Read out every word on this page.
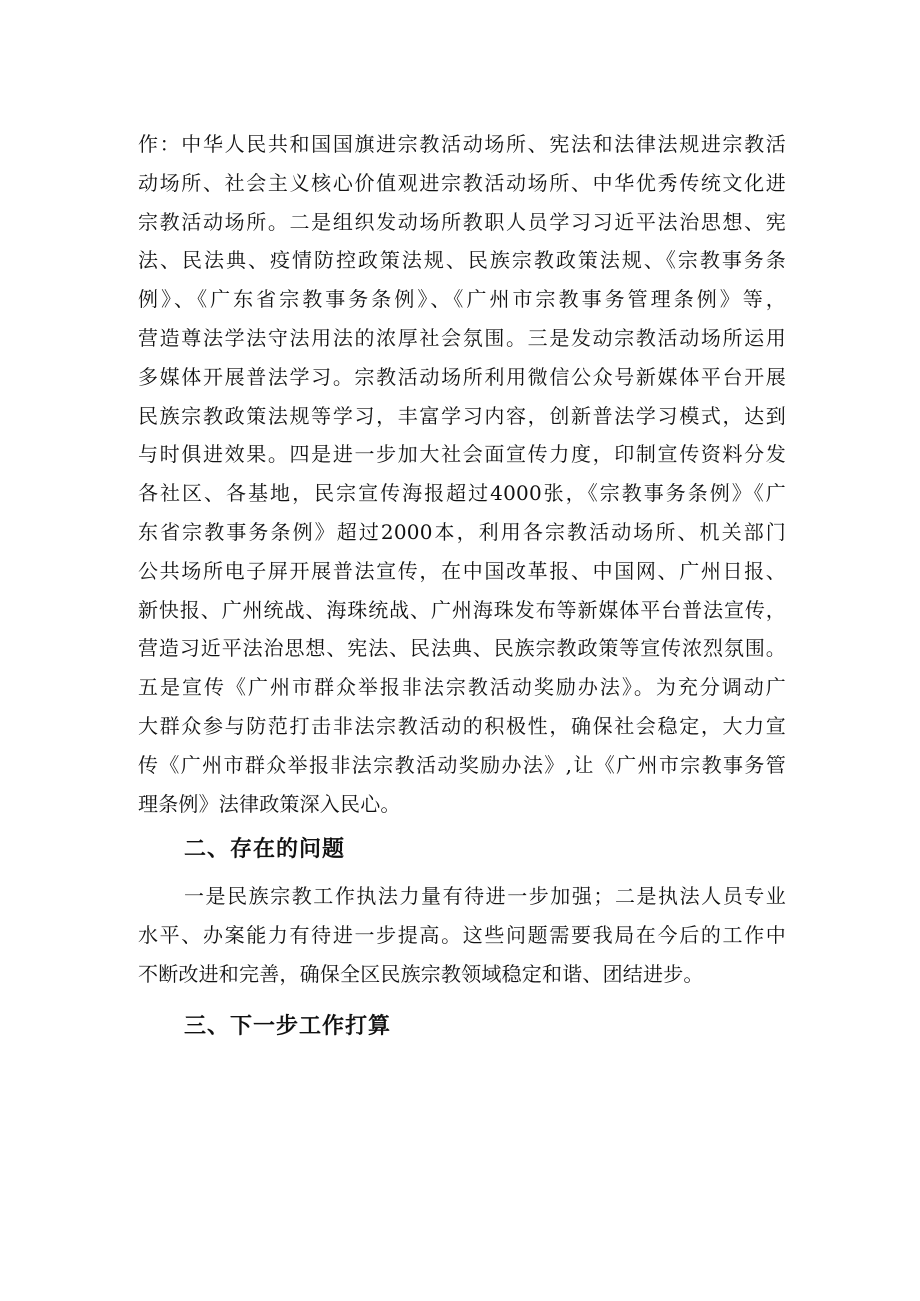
作：中华人民共和国国旗进宗教活动场所、宪法和法律法规进宗教活
动场所、社会主义核心价值观进宗教活动场所、中华优秀传统文化进
宗教活动场所。二是组织发动场所教职人员学习习近平法治思想、宪
法、民法典、疫情防控政策法规、民族宗教政策法规、《宗教事务条
例》、《广东省宗教事务条例》、《广州市宗教事务管理条例》等，
营造尊法学法守法用法的浓厚社会氛围。三是发动宗教活动场所运用
多媒体开展普法学习。宗教活动场所利用微信公众号新媒体平台开展
民族宗教政策法规等学习，丰富学习内容，创新普法学习模式，达到
与时俱进效果。四是进一步加大社会面宣传力度，印制宣传资料分发
各社区、各基地，民宗宣传海报超过4000张，《宗教事务条例》《广
东省宗教事务条例》超过2000本，利用各宗教活动场所、机关部门
公共场所电子屏开展普法宣传，在中国改革报、中国网、广州日报、
新快报、广州统战、海珠统战、广州海珠发布等新媒体平台普法宣传，
营造习近平法治思想、宪法、民法典、民族宗教政策等宣传浓烈氛围。
五是宣传《广州市群众举报非法宗教活动奖励办法》。为充分调动广
大群众参与防范打击非法宗教活动的积极性，确保社会稳定，大力宣
传《广州市群众举报非法宗教活动奖励办法》,让《广州市宗教事务管
理条例》法律政策深入民心。
二、存在的问题
一是民族宗教工作执法力量有待进一步加强；二是执法人员专业
水平、办案能力有待进一步提高。这些问题需要我局在今后的工作中
不断改进和完善，确保全区民族宗教领域稳定和谐、团结进步。
三、下一步工作打算
